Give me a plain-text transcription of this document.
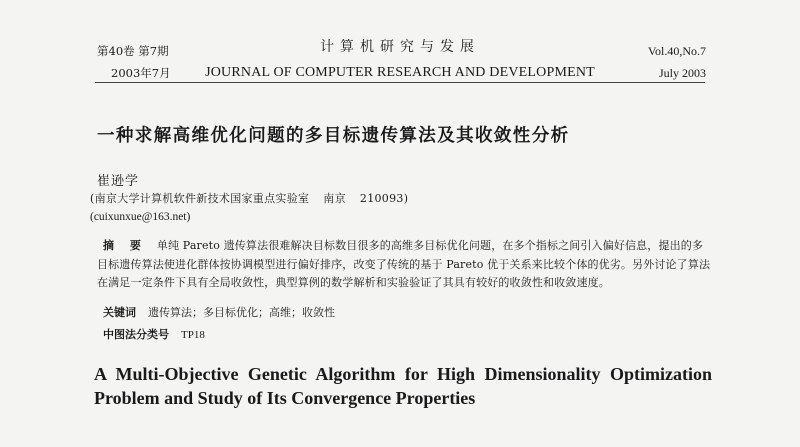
第40卷 第7期
2003年7月
计算机研究与发展
JOURNAL OF COMPUTER RESEARCH AND DEVELOPMENT
Vol.40,No.7
July 2003
一种求解高维优化问题的多目标遗传算法及其收敛性分析
崔逊学
(南京大学计算机软件新技术国家重点实验室 南京 210093)
(cuixunxue@163.net)
摘 要 单纯 Pareto 遗传算法很难解决目标数目很多的高维多目标优化问题，在多个指标之间引入偏好信息，提出的多目标遗传算法使进化群体按协调模型进行偏好排序，改变了传统的基于 Pareto 优于关系来比较个体的优劣。另外讨论了算法在满足一定条件下具有全局收敛性，典型算例的数学解析和实验验证了其具有较好的收敛性和收敛速度。
关键词 遗传算法；多目标优化；高维；收敛性
中图法分类号 TP18
A Multi-Objective Genetic Algorithm for High Dimensionality Optimization
Problem and Study of Its Convergence Properties
